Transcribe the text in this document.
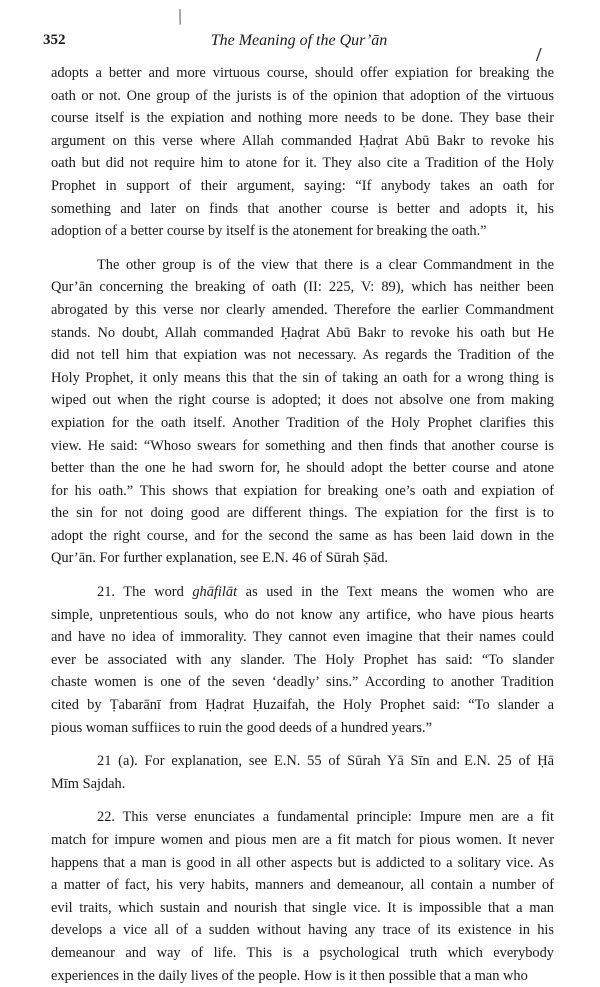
/
352	The Meaning of the Qur’ān
/
adopts a better and more virtuous course, should offer expiation for breaking the
oath or not. One group of the jurists is of the opinion that adoption of the virtuous
course itself is the expiation and nothing more needs to be done. They base their
argument on this verse where Allah commanded Ḥaḍrat Abū Bakr to revoke his
oath but did not require him to atone for it. They also cite a Tradition of the Holy
Prophet in support of their argument, saying: “If anybody takes an oath for
something and later on finds that another course is better and adopts it, his
adoption of a better course by itself is the atonement for breaking the oath.”
The other group is of the view that there is a clear Commandment in the
Qur’ān concerning the breaking of oath (II: 225, V: 89), which has neither been
abrogated by this verse nor clearly amended. Therefore the earlier Commandment
stands. No doubt, Allah commanded Ḥaḍrat Abū Bakr to revoke his oath but He
did not tell him that expiation was not necessary. As regards the Tradition of the
Holy Prophet, it only means this that the sin of taking an oath for a wrong thing is
wiped out when the right course is adopted; it does not absolve one from making
expiation for the oath itself. Another Tradition of the Holy Prophet clarifies this
view. He said: “Whoso swears for something and then finds that another course is
better than the one he had sworn for, he should adopt the better course and atone
for his oath.” This shows that expiation for breaking one’s oath and expiation of
the sin for not doing good are different things. The expiation for the first is to
adopt the right course, and for the second the same as has been laid down in the
Qur’ān. For further explanation, see E.N. 46 of Sūrah Ṣād.
21. The word ghāfilāt as used in the Text means the women who are
simple, unpretentious souls, who do not know any artifice, who have pious hearts
and have no idea of immorality. They cannot even imagine that their names could
ever be associated with any slander. The Holy Prophet has said: “To slander
chaste women is one of the seven ‘deadly’ sins.” According to another Tradition
cited by Ṭabarānī from Ḥaḍrat Ḥuzaifah, the Holy Prophet said: “To slander a
pious woman suffiices to ruin the good deeds of a hundred years.”
21 (a). For explanation, see E.N. 55 of Sūrah Yā Sīn and E.N. 25 of Ḥā
Mīm Sajdah.
22. This verse enunciates a fundamental principle: Impure men are a fit
match for impure women and pious men are a fit match for pious women. It never
happens that a man is good in all other aspects but is addicted to a solitary vice. As
a matter of fact, his very habits, manners and demeanour, all contain a number of
evil traits, which sustain and nourish that single vice. It is impossible that a man
develops a vice all of a sudden without having any trace of its existence in his
demeanour and way of life. This is a psychological truth which everybody
experiences in the daily lives of the people. How is it then possible that a man who
